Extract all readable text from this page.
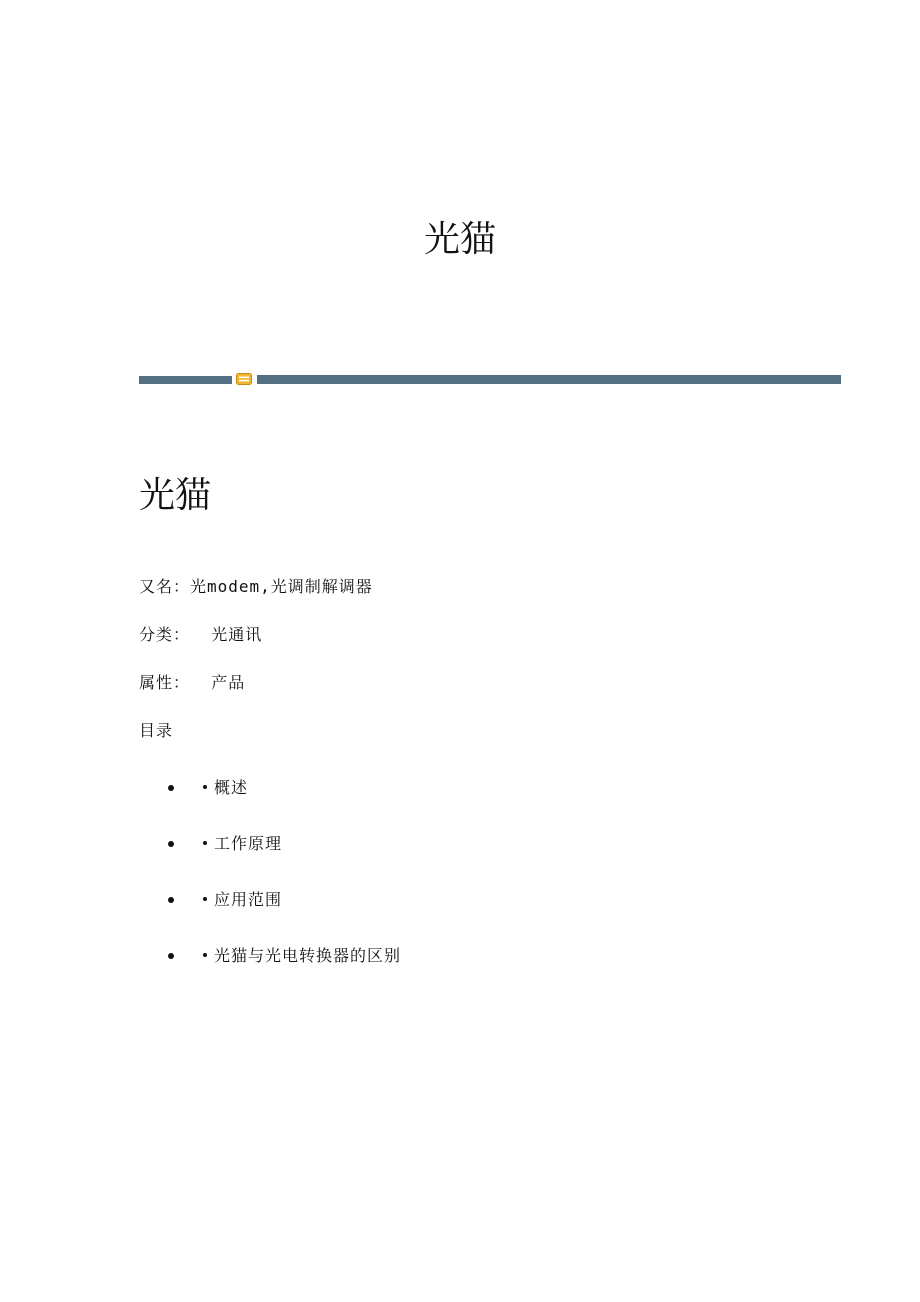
光猫
光猫
又名：光modem,光调制解调器
分类：  光通讯
属性：  产品
目录
概述
工作原理
应用范围
光猫与光电转换器的区别
